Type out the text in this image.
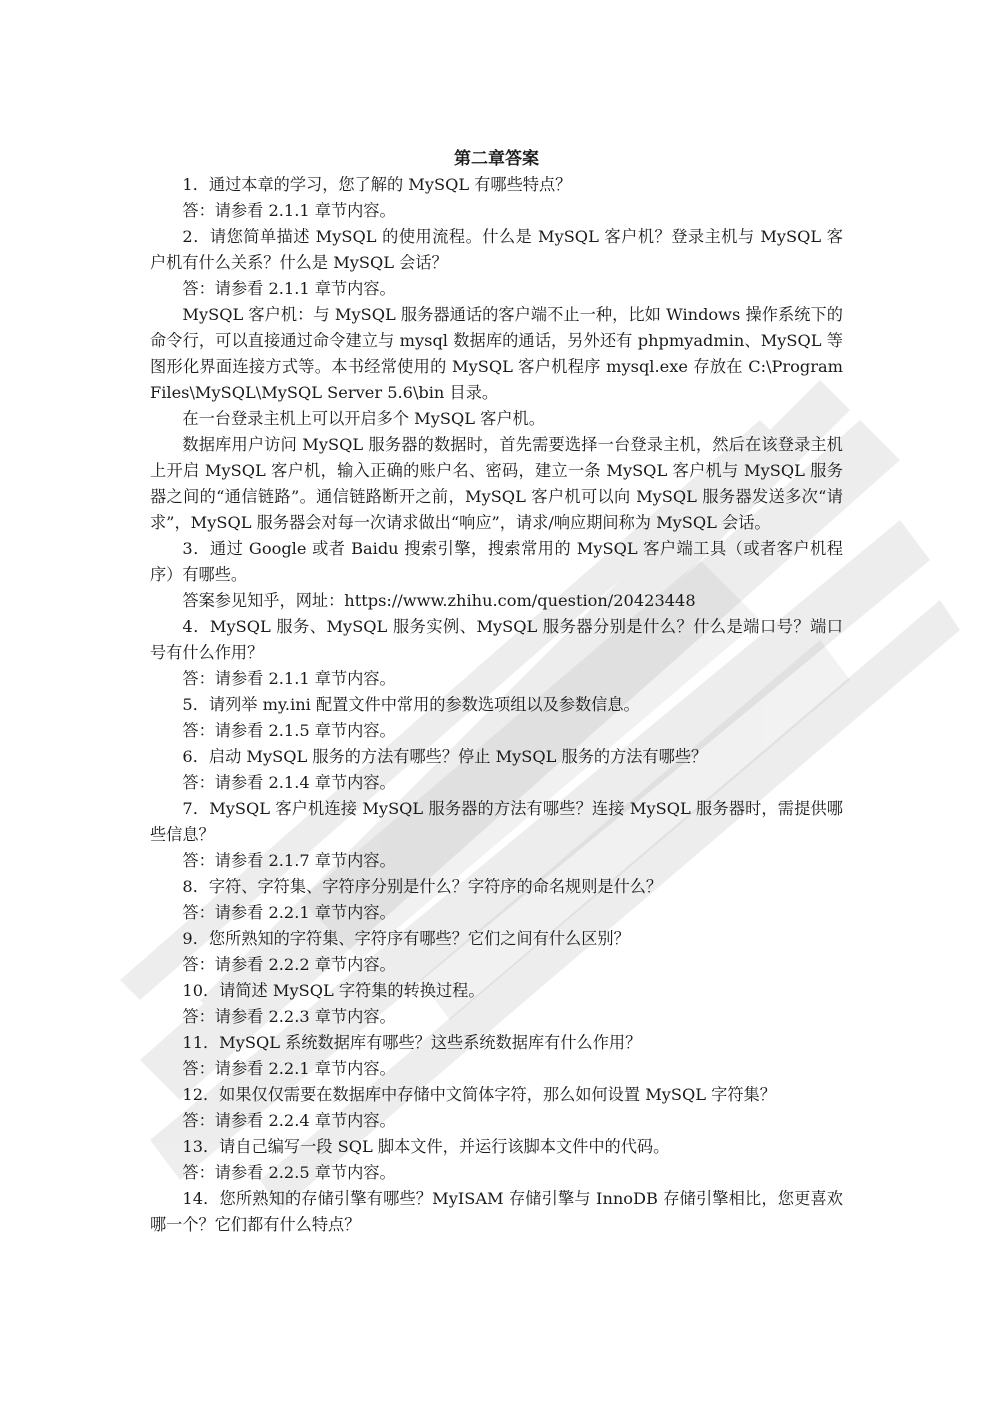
第二章答案

1．通过本章的学习，您了解的 MySQL 有哪些特点？

答：请参看 2.1.1 章节内容。

2．请您简单描述 MySQL 的使用流程。什么是 MySQL 客户机？登录主机与 MySQL 客户机有什么关系？什么是 MySQL 会话？

答：请参看 2.1.1 章节内容。

MySQL 客户机：与 MySQL 服务器通话的客户端不止一种，比如 Windows 操作系统下的命令行，可以直接通过命令建立与 mysql 数据库的通话，另外还有 phpmyadmin、MySQL 等图形化界面连接方式等。本书经常使用的 MySQL 客户机程序 mysql.exe 存放在 C:\Program Files\MySQL\MySQL Server 5.6\bin 目录。

在一台登录主机上可以开启多个 MySQL 客户机。

数据库用户访问 MySQL 服务器的数据时，首先需要选择一台登录主机，然后在该登录主机上开启 MySQL 客户机，输入正确的账户名、密码，建立一条 MySQL 客户机与 MySQL 服务器之间的“通信链路”。通信链路断开之前，MySQL 客户机可以向 MySQL 服务器发送多次“请求”，MySQL 服务器会对每一次请求做出“响应”，请求/响应期间称为 MySQL 会话。

3．通过 Google 或者 Baidu 搜索引擎，搜索常用的 MySQL 客户端工具（或者客户机程序）有哪些。

答案参见知乎，网址：https://www.zhihu.com/question/20423448

4．MySQL 服务、MySQL 服务实例、MySQL 服务器分别是什么？什么是端口号？端口号有什么作用？

答：请参看 2.1.1 章节内容。

5．请列举 my.ini 配置文件中常用的参数选项组以及参数信息。

答：请参看 2.1.5 章节内容。

6．启动 MySQL 服务的方法有哪些？停止 MySQL 服务的方法有哪些？

答：请参看 2.1.4 章节内容。

7．MySQL 客户机连接 MySQL 服务器的方法有哪些？连接 MySQL 服务器时，需提供哪些信息？

答：请参看 2.1.7 章节内容。

8．字符、字符集、字符序分别是什么？字符序的命名规则是什么？

答：请参看 2.2.1 章节内容。

9．您所熟知的字符集、字符序有哪些？它们之间有什么区别？

答：请参看 2.2.2 章节内容。

10．请简述 MySQL 字符集的转换过程。

答：请参看 2.2.3 章节内容。

11．MySQL 系统数据库有哪些？这些系统数据库有什么作用？

答：请参看 2.2.1 章节内容。

12．如果仅仅需要在数据库中存储中文简体字符，那么如何设置 MySQL 字符集？

答：请参看 2.2.4 章节内容。

13．请自己编写一段 SQL 脚本文件，并运行该脚本文件中的代码。

答：请参看 2.2.5 章节内容。

14．您所熟知的存储引擎有哪些？MyISAM 存储引擎与 InnoDB 存储引擎相比，您更喜欢哪一个？它们都有什么特点？
